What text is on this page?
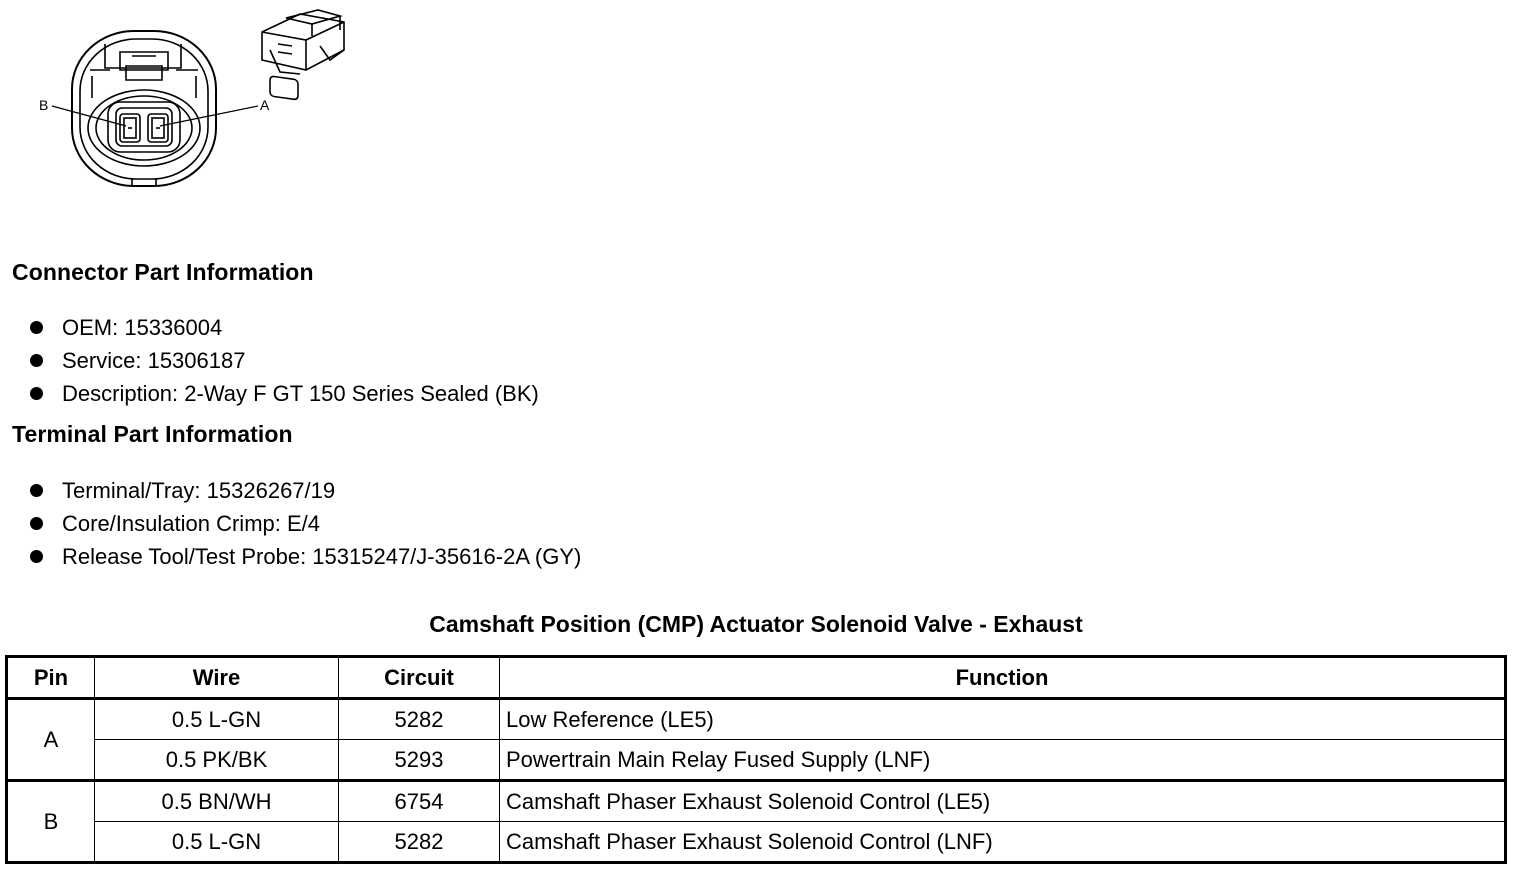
B	A
Connector Part Information
OEM: 15336004
Service: 15306187
Description: 2-Way F GT 150 Series Sealed (BK)
Terminal Part Information
Terminal/Tray: 15326267/19
Core/Insulation Crimp: E/4
Release Tool/Test Probe: 15315247/J-35616-2A (GY)
Camshaft Position (CMP) Actuator Solenoid Valve - Exhaust
Pin	Wire	Circuit	Function
A	0.5 L-GN	5282	Low Reference (LE5)
	0.5 PK/BK	5293	Powertrain Main Relay Fused Supply (LNF)
B	0.5 BN/WH	6754	Camshaft Phaser Exhaust Solenoid Control (LE5)
	0.5 L-GN	5282	Camshaft Phaser Exhaust Solenoid Control (LNF)
